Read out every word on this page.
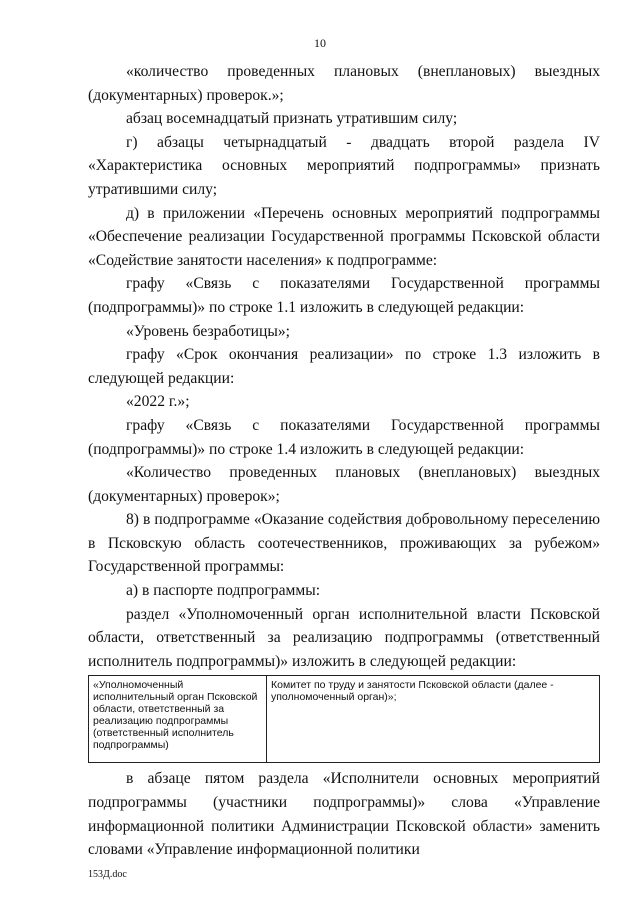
10

«количество проведенных плановых (внеплановых) выездных (документарных) проверок.»;

абзац восемнадцатый признать утратившим силу;

г) абзацы четырнадцатый - двадцать второй раздела IV «Характеристика основных мероприятий подпрограммы» признать утратившими силу;

д) в приложении «Перечень основных мероприятий подпрограммы «Обеспечение реализации Государственной программы Псковской области «Содействие занятости населения» к подпрограмме:

графу «Связь с показателями Государственной программы (подпрограммы)» по строке 1.1 изложить в следующей редакции:

«Уровень безработицы»;

графу «Срок окончания реализации» по строке 1.3 изложить в следующей редакции:

«2022 г.»;

графу «Связь с показателями Государственной программы (подпрограммы)» по строке 1.4 изложить в следующей редакции:

«Количество проведенных плановых (внеплановых) выездных (документарных) проверок»;

8) в подпрограмме «Оказание содействия добровольному переселению в Псковскую область соотечественников, проживающих за рубежом» Государственной программы:

а) в паспорте подпрограммы:

раздел «Уполномоченный орган исполнительной власти Псковской области, ответственный за реализацию подпрограммы (ответственный исполнитель подпрограммы)» изложить в следующей редакции:

«Уполномоченный исполнительный орган Псковской области, ответственный за реализацию подпрограммы (ответственный исполнитель подпрограммы)
Комитет по труду и занятости Псковской области (далее - уполномоченный орган)»;

в абзаце пятом раздела «Исполнители основных мероприятий подпрограммы (участники подпрограммы)» слова «Управление информационной политики Администрации Псковской области» заменить словами «Управление информационной политики

153Д.doc
